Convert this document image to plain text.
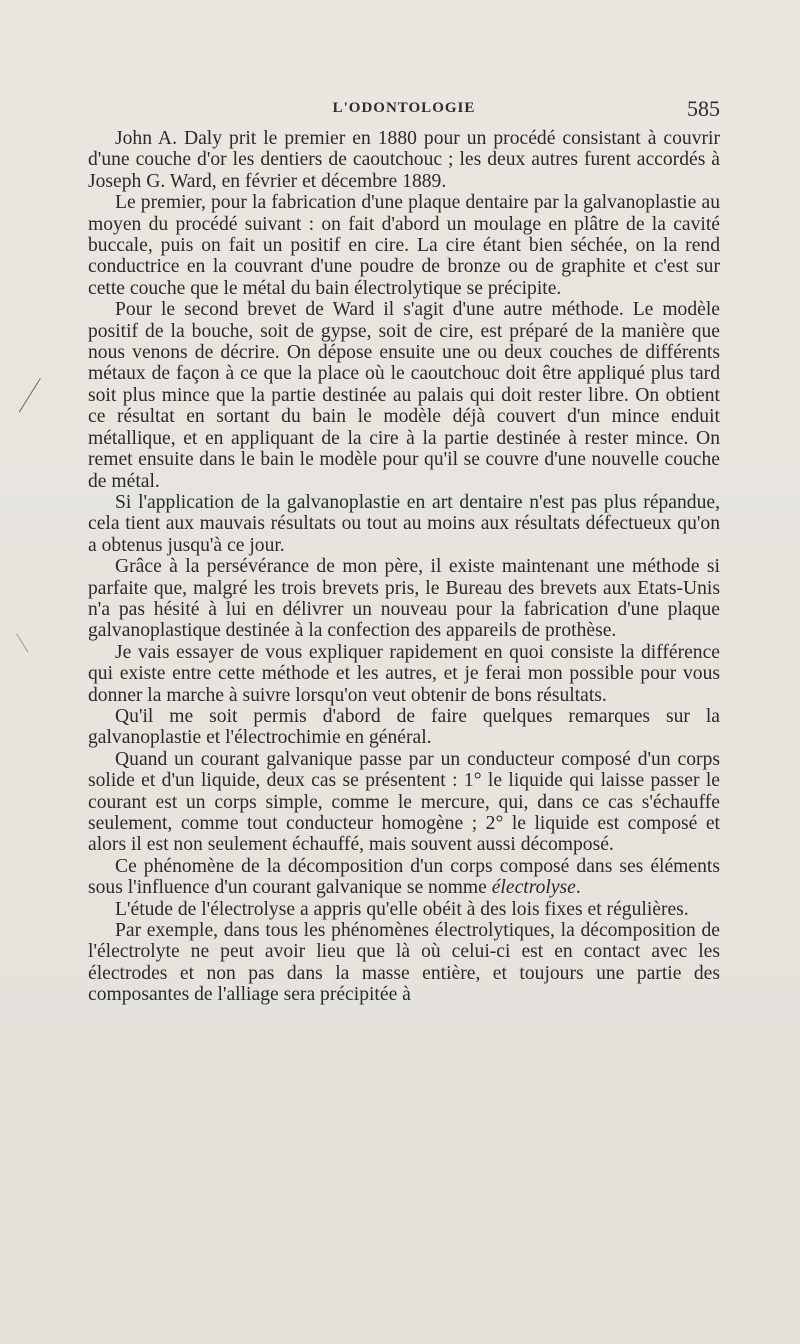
L'ODONTOLOGIE	585

John A. Daly prit le premier en 1880 pour un procédé consistant à couvrir d'une couche d'or les dentiers de caoutchouc ; les deux autres furent accordés à Joseph G. Ward, en février et décembre 1889.

Le premier, pour la fabrication d'une plaque dentaire par la galvanoplastie au moyen du procédé suivant : on fait d'abord un moulage en plâtre de la cavité buccale, puis on fait un positif en cire. La cire étant bien séchée, on la rend conductrice en la couvrant d'une poudre de bronze ou de graphite et c'est sur cette couche que le métal du bain électrolytique se précipite.

Pour le second brevet de Ward il s'agit d'une autre méthode. Le modèle positif de la bouche, soit de gypse, soit de cire, est préparé de la manière que nous venons de décrire. On dépose ensuite une ou deux couches de différents métaux de façon à ce que la place où le caoutchouc doit être appliqué plus tard soit plus mince que la partie destinée au palais qui doit rester libre. On obtient ce résultat en sortant du bain le modèle déjà couvert d'un mince enduit métallique, et en appliquant de la cire à la partie destinée à rester mince. On remet ensuite dans le bain le modèle pour qu'il se couvre d'une nouvelle couche de métal.

Si l'application de la galvanoplastie en art dentaire n'est pas plus répandue, cela tient aux mauvais résultats ou tout au moins aux résultats défectueux qu'on a obtenus jusqu'à ce jour.

Grâce à la persévérance de mon père, il existe maintenant une méthode si parfaite que, malgré les trois brevets pris, le Bureau des brevets aux Etats-Unis n'a pas hésité à lui en délivrer un nouveau pour la fabrication d'une plaque galvanoplastique destinée à la confection des appareils de prothèse.

Je vais essayer de vous expliquer rapidement en quoi consiste la différence qui existe entre cette méthode et les autres, et je ferai mon possible pour vous donner la marche à suivre lorsqu'on veut obtenir de bons résultats.

Qu'il me soit permis d'abord de faire quelques remarques sur la galvanoplastie et l'électrochimie en général.

Quand un courant galvanique passe par un conducteur composé d'un corps solide et d'un liquide, deux cas se présentent : 1° le liquide qui laisse passer le courant est un corps simple, comme le mercure, qui, dans ce cas s'échauffe seulement, comme tout conducteur homogène ; 2° le liquide est composé et alors il est non seulement échauffé, mais souvent aussi décomposé.

Ce phénomène de la décomposition d'un corps composé dans ses éléments sous l'influence d'un courant galvanique se nomme électrolyse.

L'étude de l'électrolyse a appris qu'elle obéit à des lois fixes et régulières.

Par exemple, dans tous les phénomènes électrolytiques, la décomposition de l'électrolyte ne peut avoir lieu que là où celui-ci est en contact avec les électrodes et non pas dans la masse entière, et toujours une partie des composantes de l'alliage sera précipitée à
